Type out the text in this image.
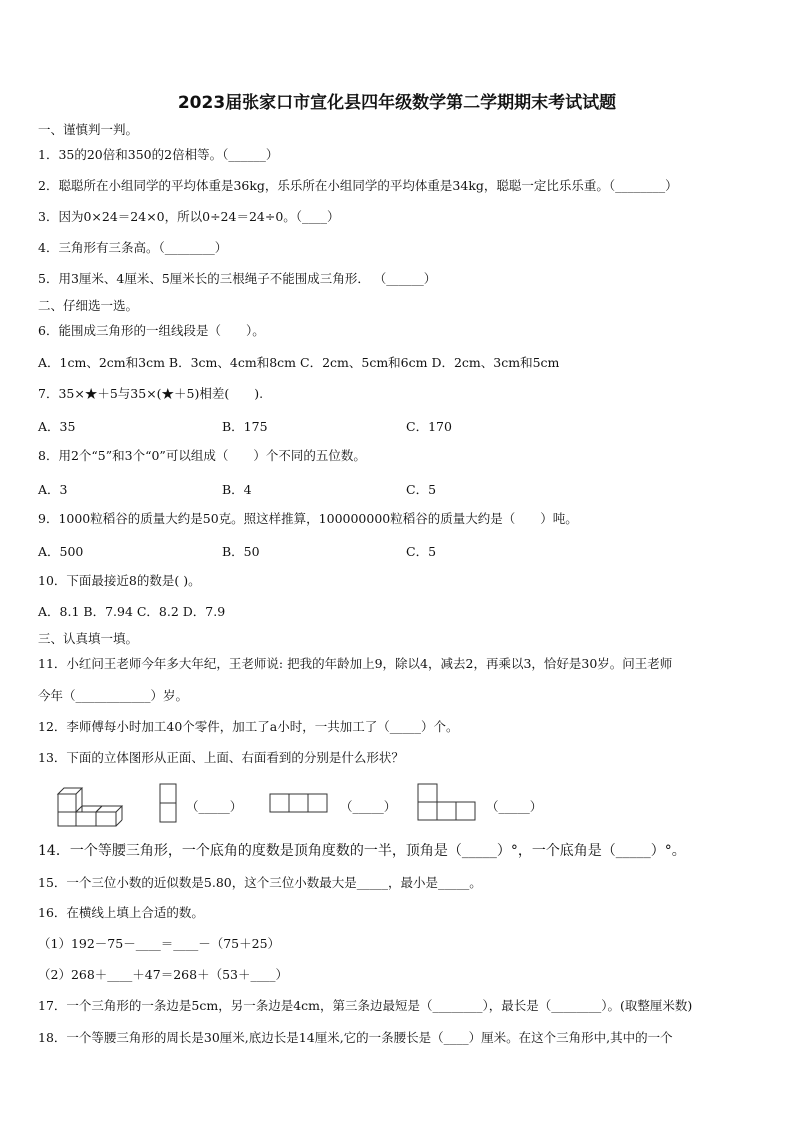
2023届张家口市宣化县四年级数学第二学期期末考试试题
一、谨慎判一判。
1．35的20倍和350的2倍相等。（______）
2．聪聪所在小组同学的平均体重是36kg，乐乐所在小组同学的平均体重是34kg，聪聪一定比乐乐重。（________）
3．因为0×24＝24×0，所以0÷24＝24÷0。（____）
4．三角形有三条高。（________）
5．用3厘米、4厘米、5厘米长的三根绳子不能围成三角形． （______）
二、仔细选一选。
6．能围成三角形的一组线段是（　　）。
A．1cm、2cm和3cm B．3cm、4cm和8cm C．2cm、5cm和6cm D．2cm、3cm和5cm
7．35×★＋5与35×(★＋5)相差(　　).
A．35	B．175	C．170
8．用2个“5”和3个“0”可以组成（　　）个不同的五位数。
A．3	B．4	C．5
9．1000粒稻谷的质量大约是50克。照这样推算，100000000粒稻谷的质量大约是（　　）吨。
A．500	B．50	C．5
10．下面最接近8的数是( )。
A．8.1 B．7.94 C．8.2 D．7.9
三、认真填一填。
11．小红问王老师今年多大年纪，王老师说: 把我的年龄加上9，除以4，减去2，再乘以3，恰好是30岁。问王老师
今年（____________）岁。
12．李师傅每小时加工40个零件，加工了a小时，一共加工了（_____）个。
13．下面的立体图形从正面、上面、右面看到的分别是什么形状？
（_____）	（_____）	（_____）
14．一个等腰三角形，一个底角的度数是顶角度数的一半，顶角是（_____）°，一个底角是（_____）°。
15．一个三位小数的近似数是5.80，这个三位小数最大是_____，最小是_____。
16．在横线上填上合适的数。
（1）192－75－____＝____－（75＋25）
（2）268＋____＋47＝268＋（53＋____）
17．一个三角形的一条边是5cm，另一条边是4cm，第三条边最短是（________），最长是（________）。(取整厘米数)
18．一个等腰三角形的周长是30厘米,底边长是14厘米,它的一条腰长是（____）厘米。在这个三角形中,其中的一个
